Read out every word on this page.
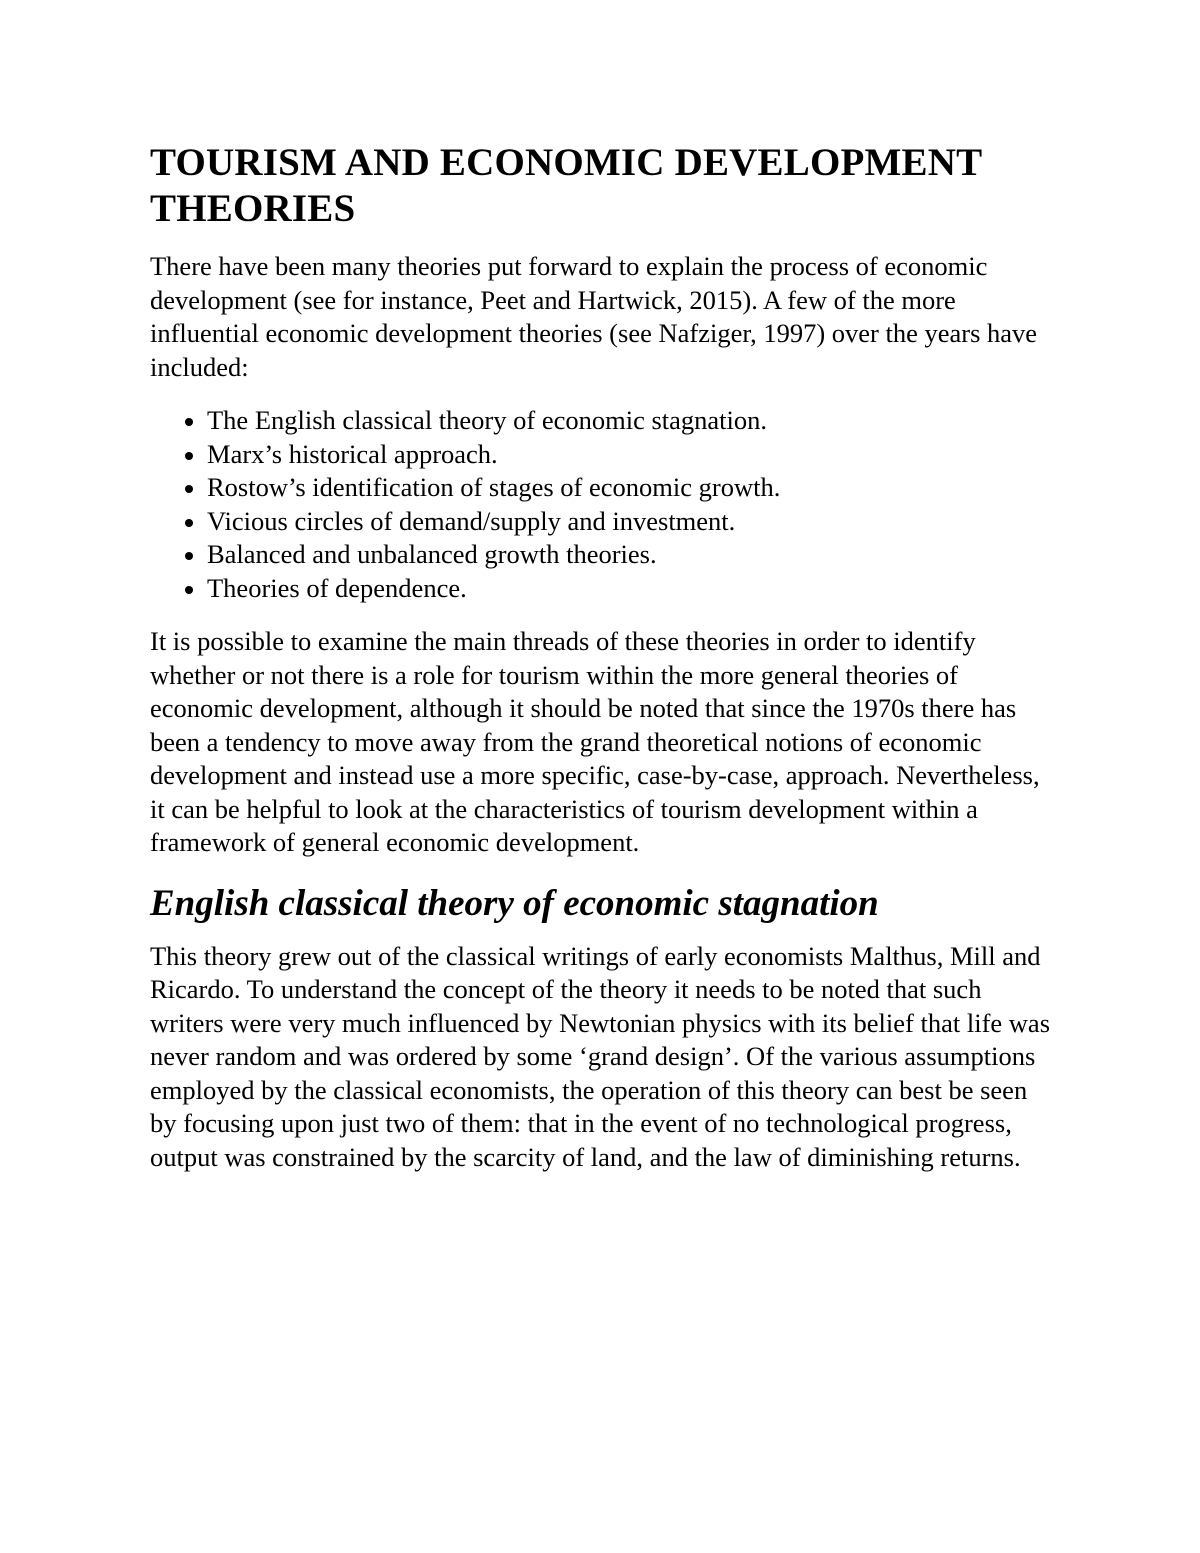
TOURISM AND ECONOMIC DEVELOPMENT
THEORIES

There have been many theories put forward to explain the process of economic development (see for instance, Peet and Hartwick, 2015). A few of the more influential economic development theories (see Nafziger, 1997) over the years have included:

The English classical theory of economic stagnation.
Marx’s historical approach.
Rostow’s identification of stages of economic growth.
Vicious circles of demand/supply and investment.
Balanced and unbalanced growth theories.
Theories of dependence.

It is possible to examine the main threads of these theories in order to identify whether or not there is a role for tourism within the more general theories of economic development, although it should be noted that since the 1970s there has been a tendency to move away from the grand theoretical notions of economic development and instead use a more specific, case-by-case, approach. Nevertheless, it can be helpful to look at the characteristics of tourism development within a framework of general economic development.

English classical theory of economic stagnation

This theory grew out of the classical writings of early economists Malthus, Mill and Ricardo. To understand the concept of the theory it needs to be noted that such writers were very much influenced by Newtonian physics with its belief that life was never random and was ordered by some ‘grand design’. Of the various assumptions employed by the classical economists, the operation of this theory can best be seen by focusing upon just two of them: that in the event of no technological progress, output was constrained by the scarcity of land, and the law of diminishing returns.
